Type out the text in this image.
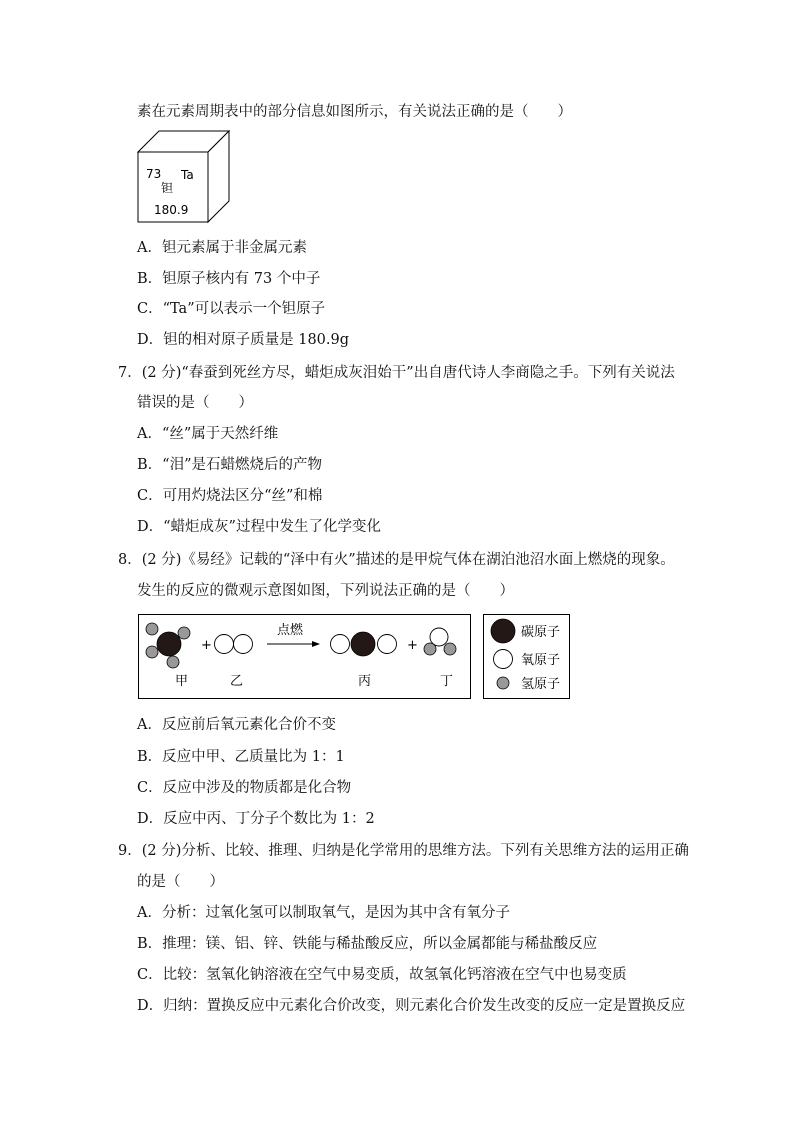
素在元素周期表中的部分信息如图所示，有关说法正确的是（　　）
73 Ta
钽
180.9
A．钽元素属于非金属元素
B．钽原子核内有 73 个中子
C．“Ta”可以表示一个钽原子
D．钽的相对原子质量是 180.9g
7．(2 分)“春蚕到死丝方尽，蜡炬成灰泪始干”出自唐代诗人李商隐之手。下列有关说法
错误的是（　　）
A．“丝”属于天然纤维
B．“泪”是石蜡燃烧后的产物
C．可用灼烧法区分“丝”和棉
D．“蜡炬成灰”过程中发生了化学变化
8．(2 分)《易经》记载的“泽中有火”描述的是甲烷气体在湖泊池沼水面上燃烧的现象。
发生的反应的微观示意图如图，下列说法正确的是（　　）
+
点燃
+
甲	乙	丙	丁
碳原子
氧原子
氢原子
A．反应前后氧元素化合价不变
B．反应中甲、乙质量比为 1：1
C．反应中涉及的物质都是化合物
D．反应中丙、丁分子个数比为 1：2
9．(2 分)分析、比较、推理、归纳是化学常用的思维方法。下列有关思维方法的运用正确
的是（　　）
A．分析：过氧化氢可以制取氧气，是因为其中含有氧分子
B．推理：镁、铝、锌、铁能与稀盐酸反应，所以金属都能与稀盐酸反应
C．比较：氢氧化钠溶液在空气中易变质，故氢氧化钙溶液在空气中也易变质
D．归纳：置换反应中元素化合价改变，则元素化合价发生改变的反应一定是置换反应
